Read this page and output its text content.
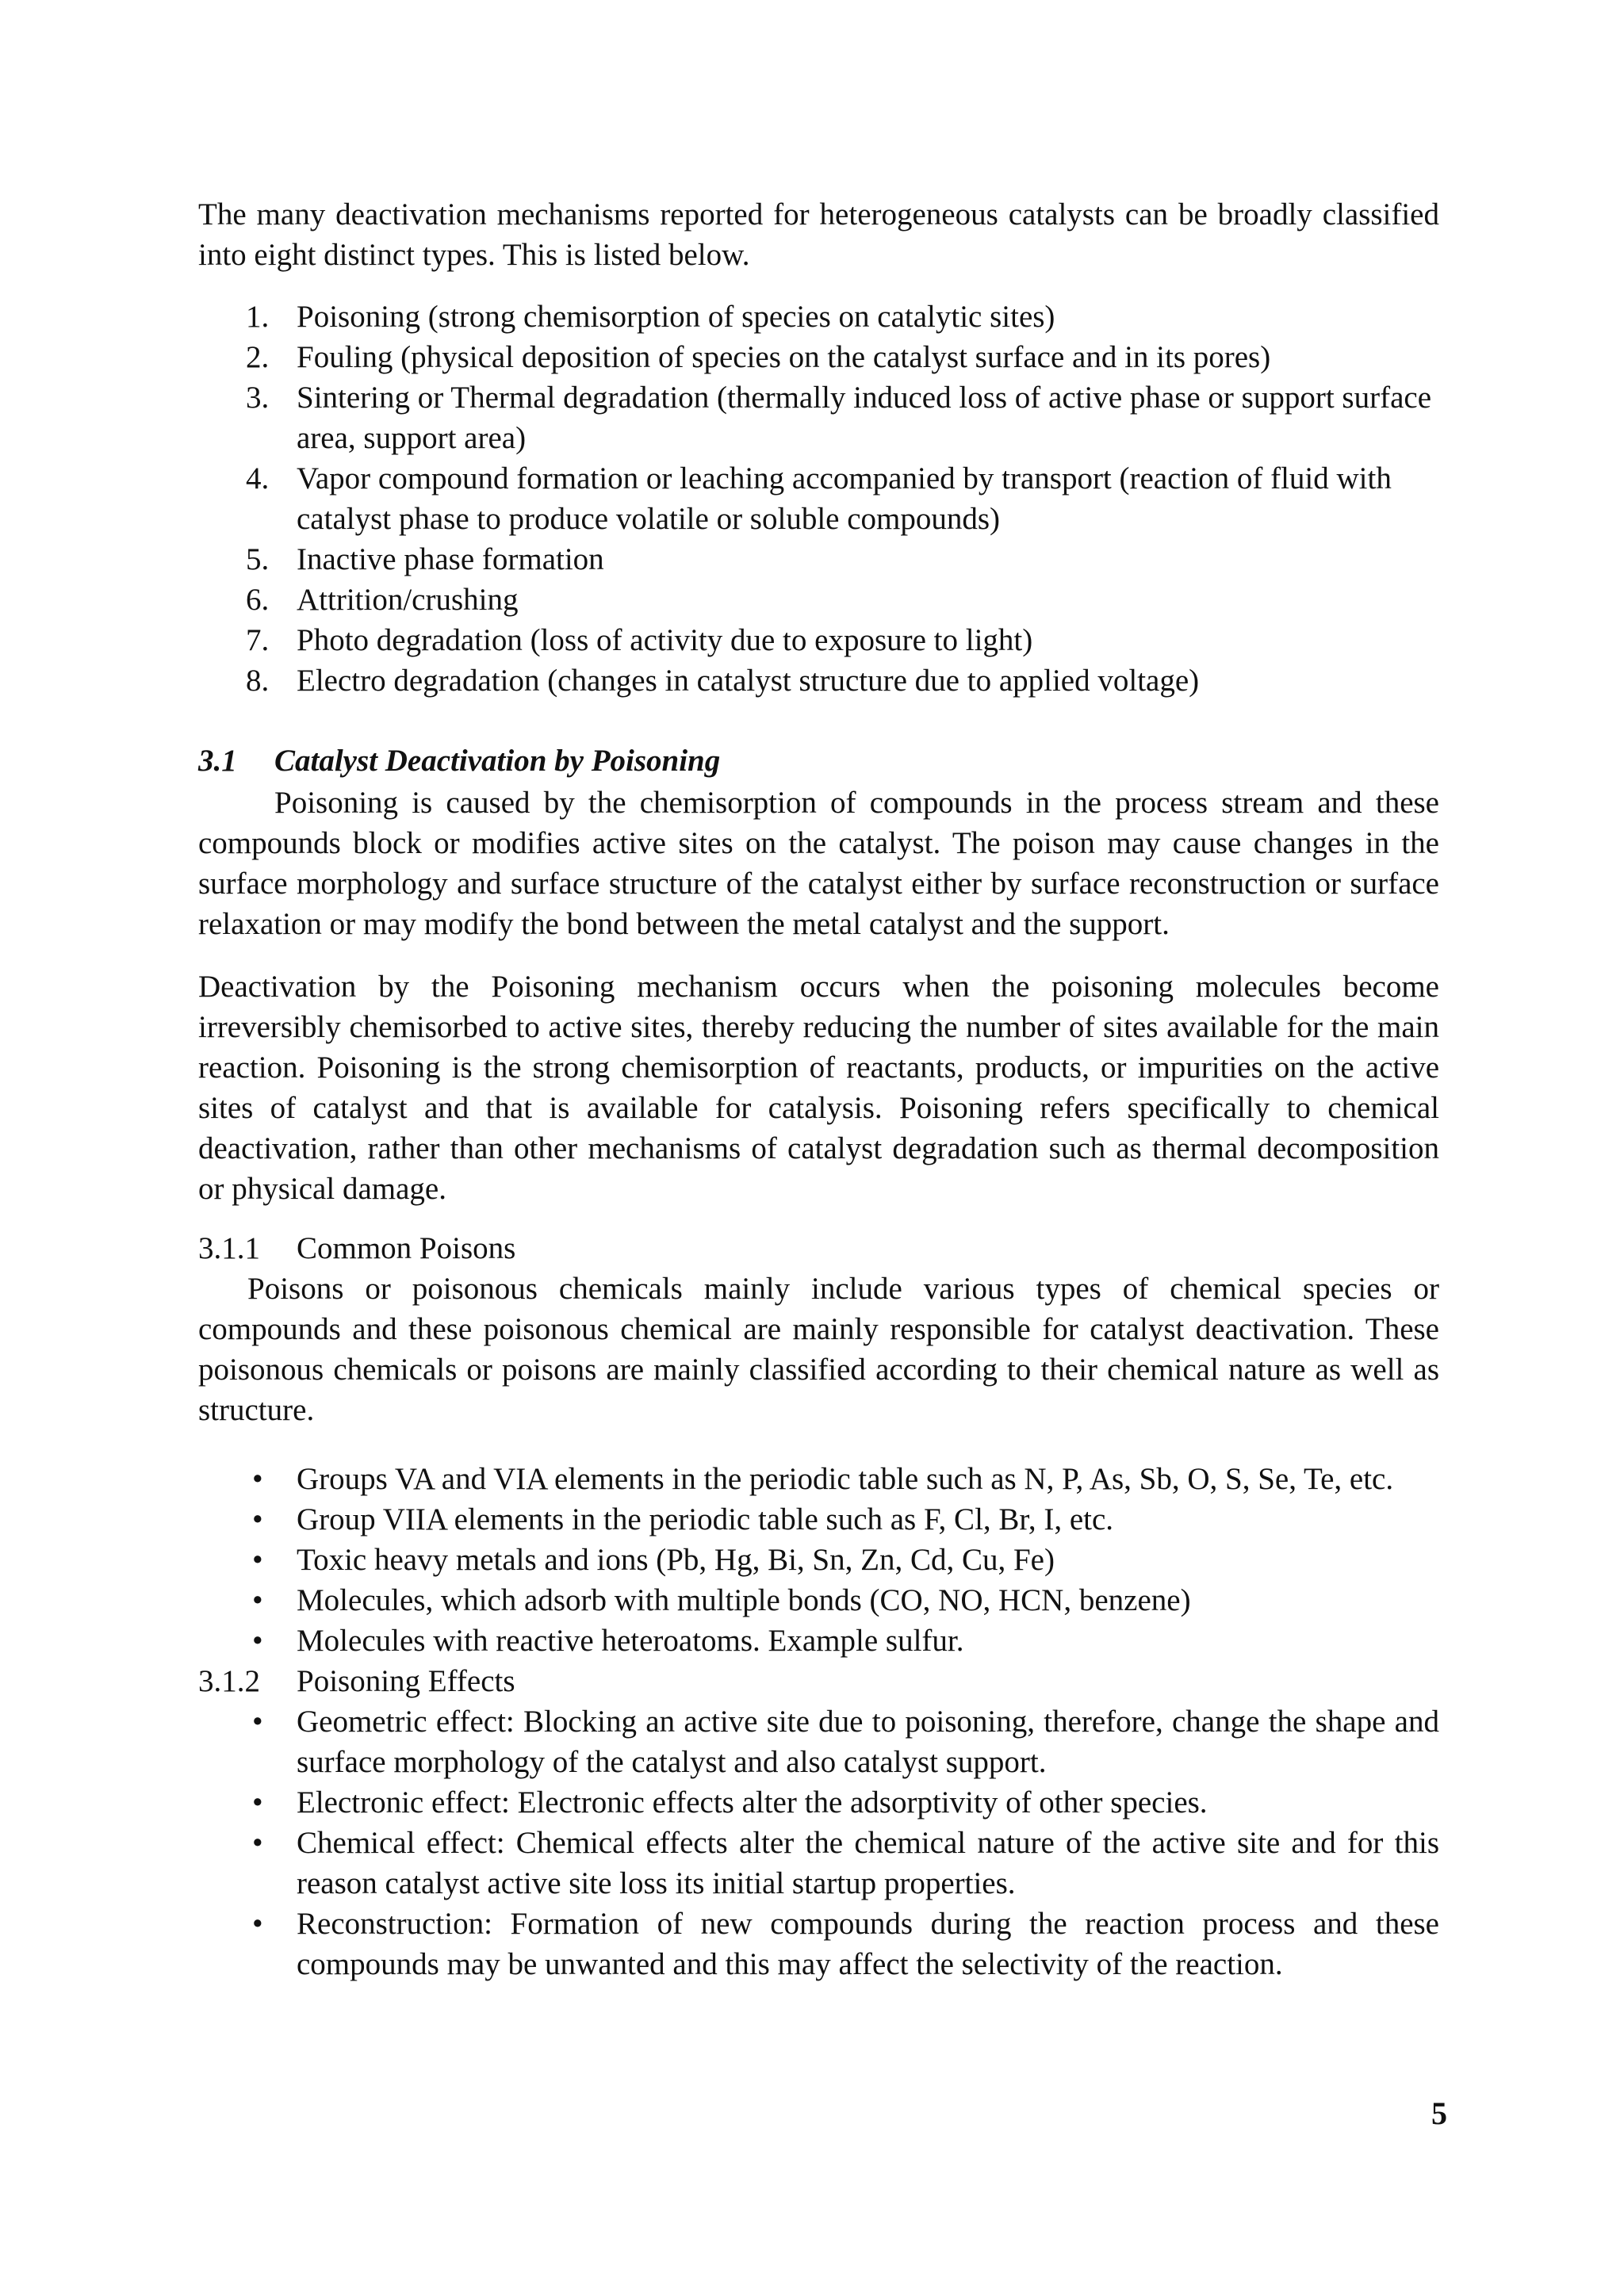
The many deactivation mechanisms reported for heterogeneous catalysts can be broadly classified into eight distinct types. This is listed below.

1. Poisoning (strong chemisorption of species on catalytic sites)
2. Fouling (physical deposition of species on the catalyst surface and in its pores)
3. Sintering or Thermal degradation (thermally induced loss of active phase or support surface area, support area)
4. Vapor compound formation or leaching accompanied by transport (reaction of fluid with catalyst phase to produce volatile or soluble compounds)
5. Inactive phase formation
6. Attrition/crushing
7. Photo degradation (loss of activity due to exposure to light)
8. Electro degradation (changes in catalyst structure due to applied voltage)
3.1 Catalyst Deactivation by Poisoning

Poisoning is caused by the chemisorption of compounds in the process stream and these compounds block or modifies active sites on the catalyst. The poison may cause changes in the surface morphology and surface structure of the catalyst either by surface reconstruction or surface relaxation or may modify the bond between the metal catalyst and the support.

Deactivation by the Poisoning mechanism occurs when the poisoning molecules become irreversibly chemisorbed to active sites, thereby reducing the number of sites available for the main reaction. Poisoning is the strong chemisorption of reactants, products, or impurities on the active sites of catalyst and that is available for catalysis. Poisoning refers specifically to chemical deactivation, rather than other mechanisms of catalyst degradation such as thermal decomposition or physical damage.

3.1.1 Common Poisons

Poisons or poisonous chemicals mainly include various types of chemical species or compounds and these poisonous chemical are mainly responsible for catalyst deactivation. These poisonous chemicals or poisons are mainly classified according to their chemical nature as well as structure.

• Groups VA and VIA elements in the periodic table such as N, P, As, Sb, O, S, Se, Te, etc.
• Group VIIA elements in the periodic table such as F, Cl, Br, I, etc.
• Toxic heavy metals and ions (Pb, Hg, Bi, Sn, Zn, Cd, Cu, Fe)
• Molecules, which adsorb with multiple bonds (CO, NO, HCN, benzene)
• Molecules with reactive heteroatoms. Example sulfur.
3.1.2 Poisoning Effects
• Geometric effect: Blocking an active site due to poisoning, therefore, change the shape and surface morphology of the catalyst and also catalyst support.
• Electronic effect: Electronic effects alter the adsorptivity of other species.
• Chemical effect: Chemical effects alter the chemical nature of the active site and for this reason catalyst active site loss its initial startup properties.
• Reconstruction: Formation of new compounds during the reaction process and these compounds may be unwanted and this may affect the selectivity of the reaction.
5
